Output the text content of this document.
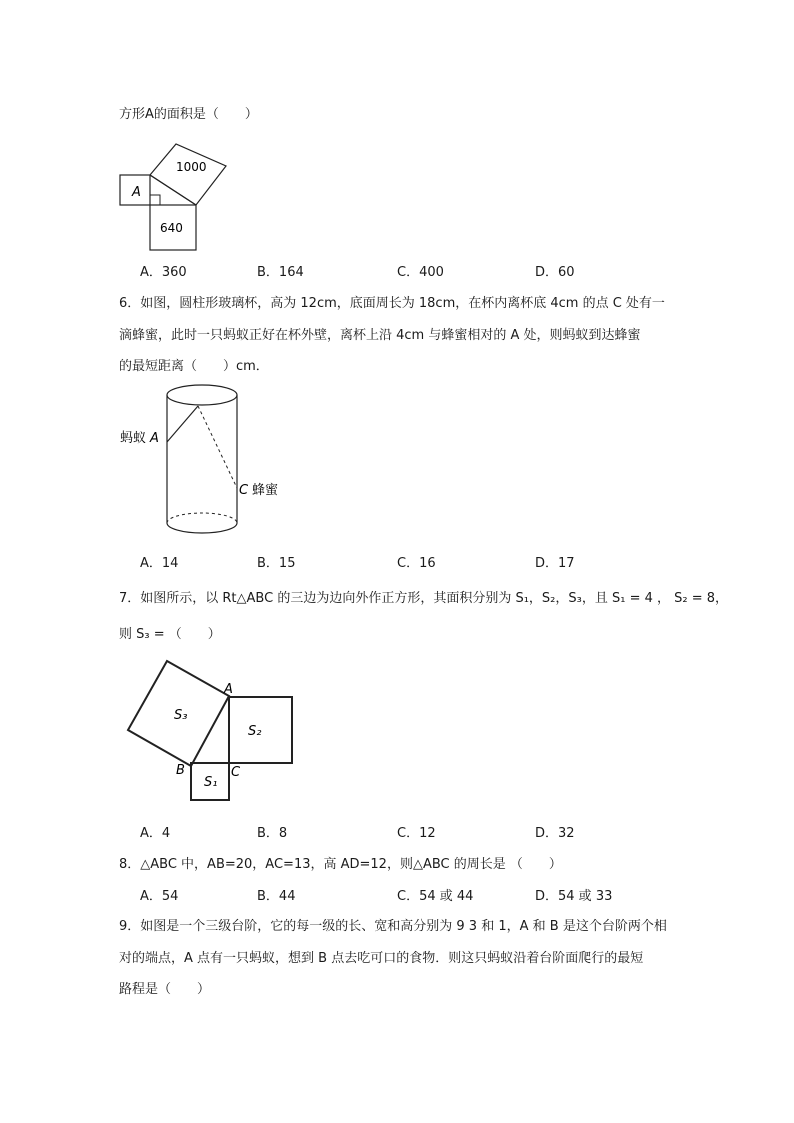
方形A的面积是（　　）
A
1000
640
A．360	B．164	C．400	D．60
6．如图，圆柱形玻璃杯，高为 12cm，底面周长为 18cm，在杯内离杯底 4cm 的点 C 处有一
滴蜂蜜，此时一只蚂蚁正好在杯外壁，离杯上沿 4cm 与蜂蜜相对的 A 处，则蚂蚁到达蜂蜜
的最短距离（　　）cm．
蚂蚁 A
C 蜂蜜
A．14	B．15	C．16	D．17
7．如图所示，以 Rt△ABC 的三边为边向外作正方形，其面积分别为 S₁，S₂，S₃，且 S₁ = 4 ， S₂ = 8，
则 S₃ = （　　）
A
B	C
S₃
S₂
S₁
A．4	B．8	C．12	D．32
8．△ABC 中，AB=20，AC=13，高 AD=12，则△ABC 的周长是 （　　）
A．54	B．44	C．54 或 44	D．54 或 33
9．如图是一个三级台阶，它的每一级的长、宽和高分别为 9 3 和 1，A 和 B 是这个台阶两个相
对的端点，A 点有一只蚂蚁，想到 B 点去吃可口的食物．则这只蚂蚁沿着台阶面爬行的最短
路程是（　　）
